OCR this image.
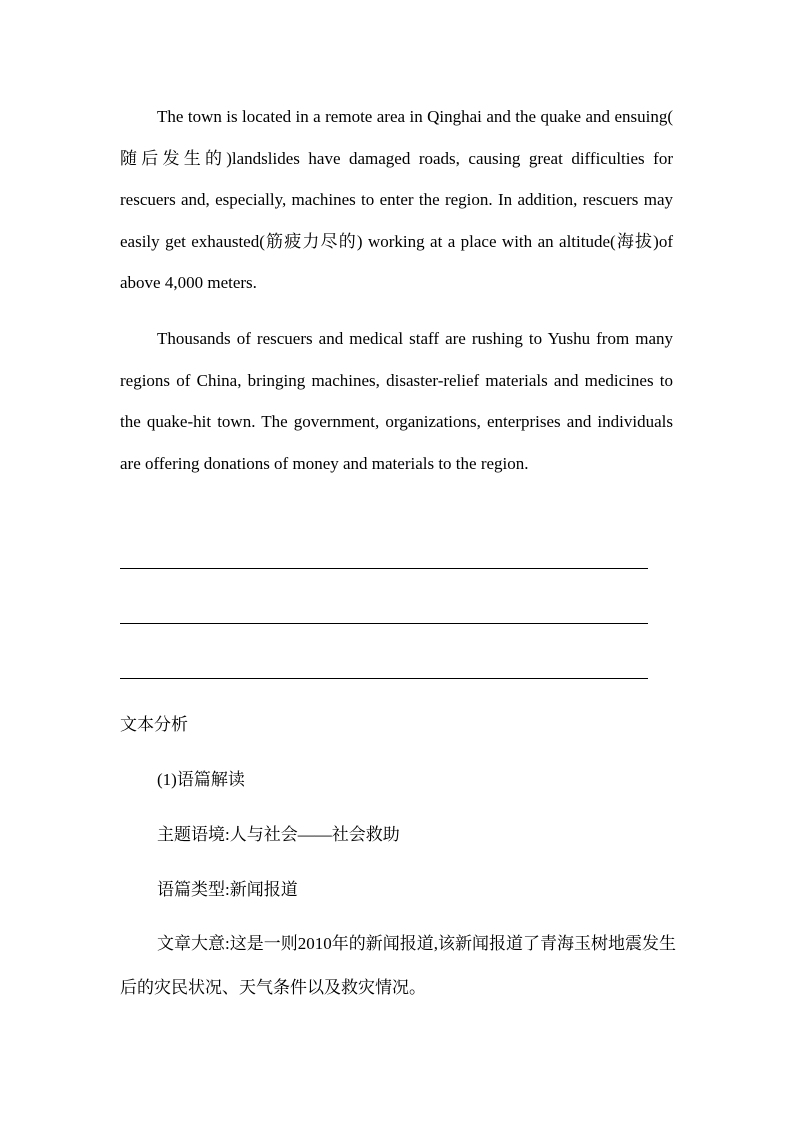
The town is located in a remote area in Qinghai and the quake and ensuing( 随后发生的)landslides have damaged roads, causing great difficulties for rescuers and, especially, machines to enter the region. In addition, rescuers may easily get exhausted(筋疲力尽的) working at a place with an altitude(海拔)of above 4,000 meters.

Thousands of rescuers and medical staff are rushing to Yushu from many regions of China, bringing machines, disaster-relief materials and medicines to the quake-hit town. The government, organizations, enterprises and individuals are offering donations of money and materials to the region.

文本分析

(1)语篇解读

主题语境:人与社会——社会救助

语篇类型:新闻报道

文章大意:这是一则2010年的新闻报道,该新闻报道了青海玉树地震发生后的灾民状况、天气条件以及救灾情况。
